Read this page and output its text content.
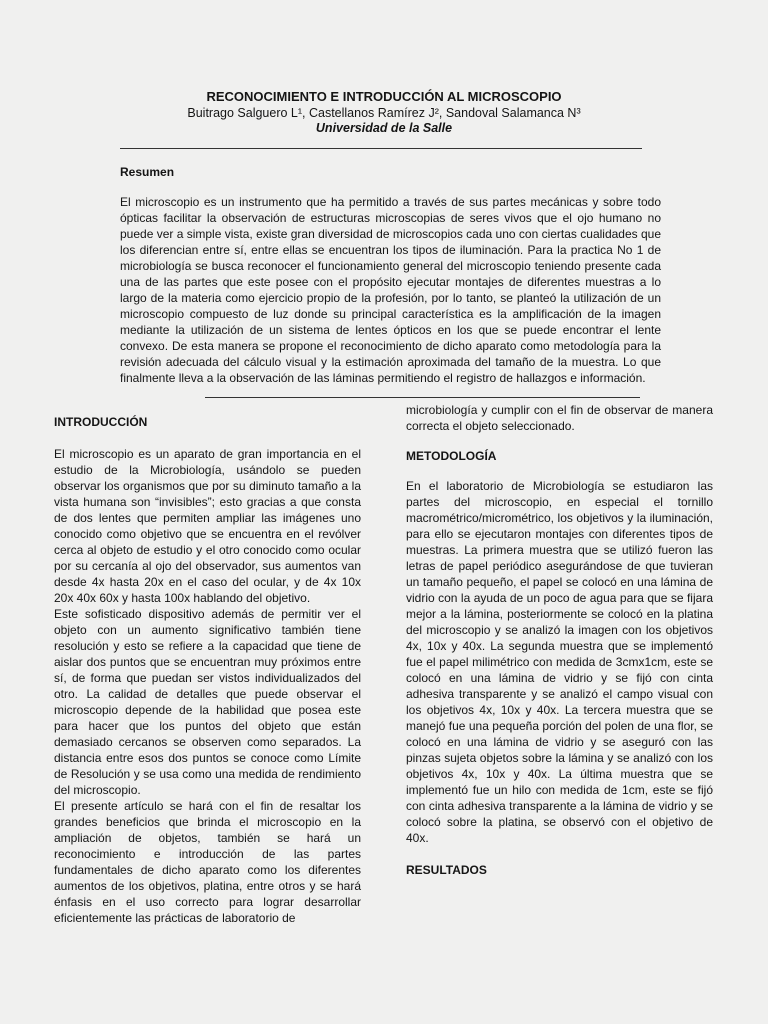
RECONOCIMIENTO E INTRODUCCIÓN AL MICROSCOPIO
Buitrago Salguero L¹, Castellanos Ramírez J², Sandoval Salamanca N³
Universidad de la Salle
Resumen

El microscopio es un instrumento que ha permitido a través de sus partes mecánicas y sobre todo ópticas facilitar la observación de estructuras microscopias de seres vivos que el ojo humano no puede ver a simple vista, existe gran diversidad de microscopios cada uno con ciertas cualidades que los diferencian entre sí, entre ellas se encuentran los tipos de iluminación. Para la practica No 1 de microbiología se busca reconocer el funcionamiento general del microscopio teniendo presente cada una de las partes que este posee con el propósito ejecutar montajes de diferentes muestras a lo largo de la materia como ejercicio propio de la profesión, por lo tanto, se planteó la utilización de un microscopio compuesto de luz donde su principal característica es la amplificación de la imagen mediante la utilización de un sistema de lentes ópticos en los que se puede encontrar el lente convexo. De esta manera se propone el reconocimiento de dicho aparato como metodología para la revisión adecuada del cálculo visual y la estimación aproximada del tamaño de la muestra. Lo que finalmente lleva a la observación de las láminas permitiendo el registro de hallazgos e información.

INTRODUCCIÓN

El microscopio es un aparato de gran importancia en el estudio de la Microbiología, usándolo se pueden observar los organismos que por su diminuto tamaño a la vista humana son “invisibles”; esto gracias a que consta de dos lentes que permiten ampliar las imágenes uno conocido como objetivo que se encuentra en el revólver cerca al objeto de estudio y el otro conocido como ocular por su cercanía al ojo del observador, sus aumentos van desde 4x hasta 20x en el caso del ocular, y de 4x 10x 20x 40x 60x y hasta 100x hablando del objetivo.

Este sofisticado dispositivo además de permitir ver el objeto con un aumento significativo también tiene resolución y esto se refiere a la capacidad que tiene de aislar dos puntos que se encuentran muy próximos entre sí, de forma que puedan ser vistos individualizados del otro. La calidad de detalles que puede observar el microscopio depende de la habilidad que posea este para hacer que los puntos del objeto que están demasiado cercanos se observen como separados. La distancia entre esos dos puntos se conoce como Límite de Resolución y se usa como una medida de rendimiento del microscopio.

El presente artículo se hará con el fin de resaltar los grandes beneficios que brinda el microscopio en la ampliación de objetos, también se hará un reconocimiento e introducción de las partes fundamentales de dicho aparato como los diferentes aumentos de los objetivos, platina, entre otros y se hará énfasis en el uso correcto para lograr desarrollar eficientemente las prácticas de laboratorio de

microbiología y cumplir con el fin de observar de manera correcta el objeto seleccionado.

METODOLOGÍA

En el laboratorio de Microbiología se estudiaron las partes del microscopio, en especial el tornillo macrométrico/micrométrico, los objetivos y la iluminación, para ello se ejecutaron montajes con diferentes tipos de muestras. La primera muestra que se utilizó fueron las letras de papel periódico asegurándose de que tuvieran un tamaño pequeño, el papel se colocó en una lámina de vidrio con la ayuda de un poco de agua para que se fijara mejor a la lámina, posteriormente se colocó en la platina del microscopio y se analizó la imagen con los objetivos 4x, 10x y 40x. La segunda muestra que se implementó fue el papel milimétrico con medida de 3cmx1cm, este se colocó en una lámina de vidrio y se fijó con cinta adhesiva transparente y se analizó el campo visual con los objetivos 4x, 10x y 40x. La tercera muestra que se manejó fue una pequeña porción del polen de una flor, se colocó en una lámina de vidrio y se aseguró con las pinzas sujeta objetos sobre la lámina y se analizó con los objetivos 4x, 10x y 40x. La última muestra que se implementó fue un hilo con medida de 1cm, este se fijó con cinta adhesiva transparente a la lámina de vidrio y se colocó sobre la platina, se observó con el objetivo de 40x.

RESULTADOS
